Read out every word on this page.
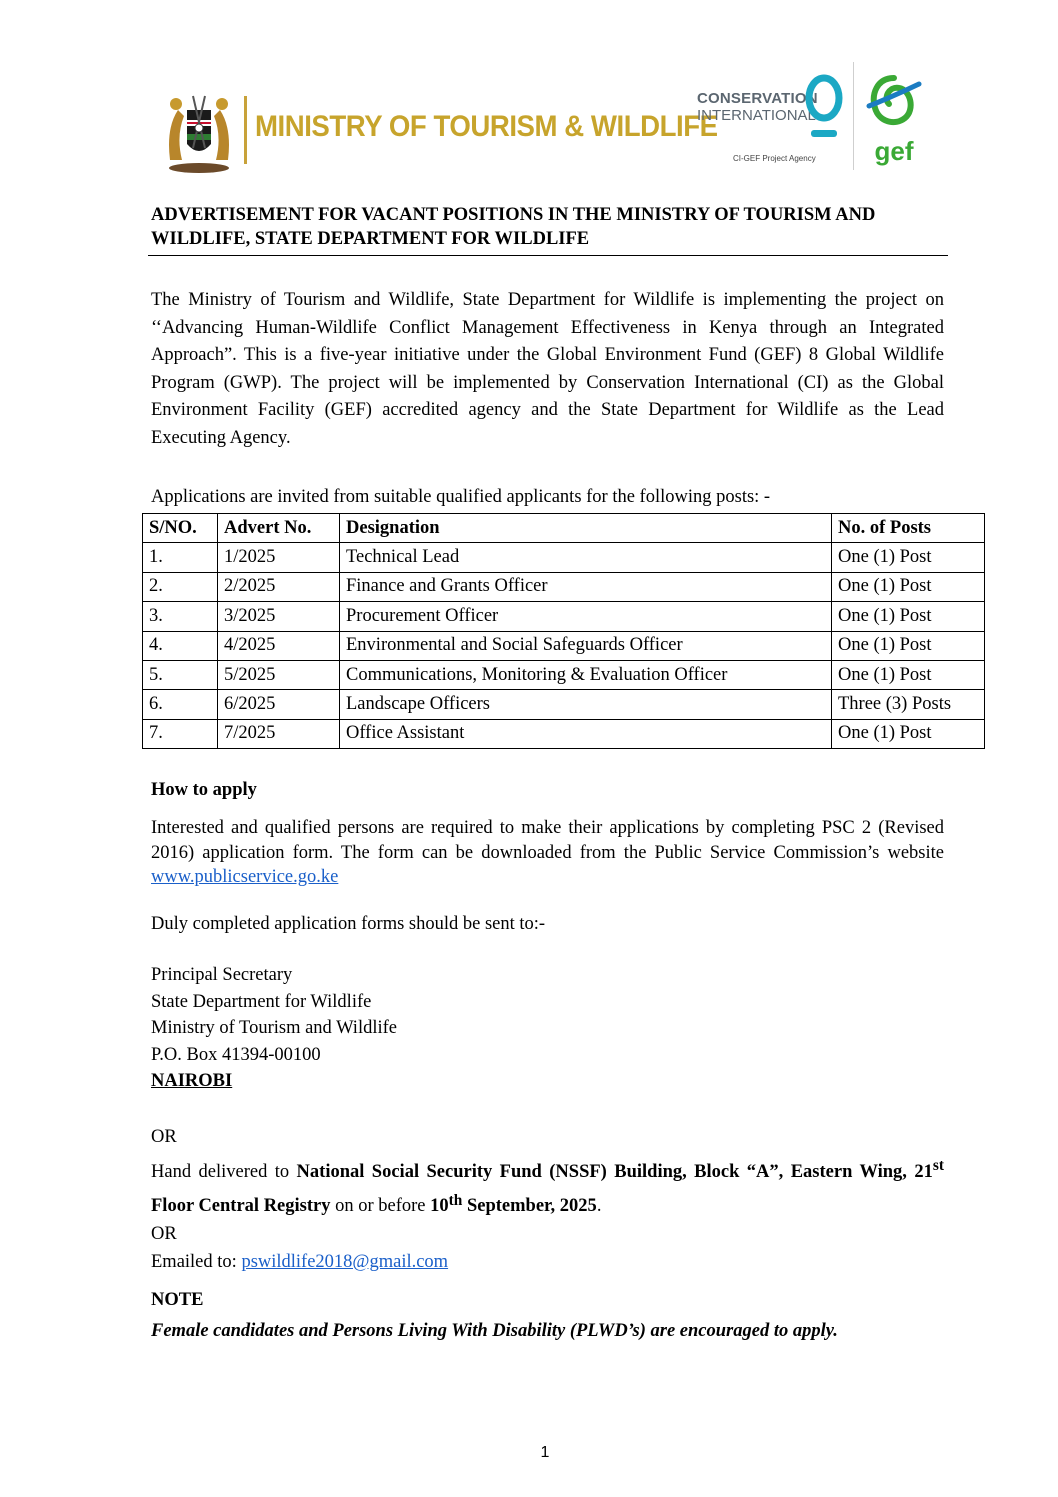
MINISTRY OF TOURISM & WILDLIFE
CONSERVATION
INTERNATIONAL
CI-GEF Project Agency gef
ADVERTISEMENT FOR VACANT POSITIONS IN THE MINISTRY OF TOURISM AND WILDLIFE, STATE DEPARTMENT FOR WILDLIFE
The Ministry of Tourism and Wildlife, State Department for Wildlife is implementing the project on ‘‘Advancing Human-Wildlife Conflict Management Effectiveness in Kenya through an Integrated Approach”. This is a five-year initiative under the Global Environment Fund (GEF) 8 Global Wildlife Program (GWP). The project will be implemented by Conservation International (CI) as the Global Environment Facility (GEF) accredited agency and the State Department for Wildlife as the Lead Executing Agency.
Applications are invited from suitable qualified applicants for the following posts: -
S/NO.	Advert No.	Designation	No. of Posts
1.	1/2025	Technical Lead	One (1) Post
2.	2/2025	Finance and Grants Officer	One (1) Post
3.	3/2025	Procurement Officer	One (1) Post
4.	4/2025	Environmental and Social Safeguards Officer	One (1) Post
5.	5/2025	Communications, Monitoring & Evaluation Officer	One (1) Post
6.	6/2025	Landscape Officers	Three (3) Posts
7.	7/2025	Office Assistant	One (1) Post
How to apply
Interested and qualified persons are required to make their applications by completing PSC 2 (Revised 2016) application form. The form can be downloaded from the Public Service Commission’s website www.publicservice.go.ke
Duly completed application forms should be sent to:-
Principal Secretary
State Department for Wildlife
Ministry of Tourism and Wildlife
P.O. Box 41394-00100
NAIROBI
OR
Hand delivered to National Social Security Fund (NSSF) Building, Block “A”, Eastern Wing, 21st Floor Central Registry on or before 10th September, 2025.
OR
Emailed to: pswildlife2018@gmail.com
NOTE
Female candidates and Persons Living With Disability (PLWD’s) are encouraged to apply.
1
